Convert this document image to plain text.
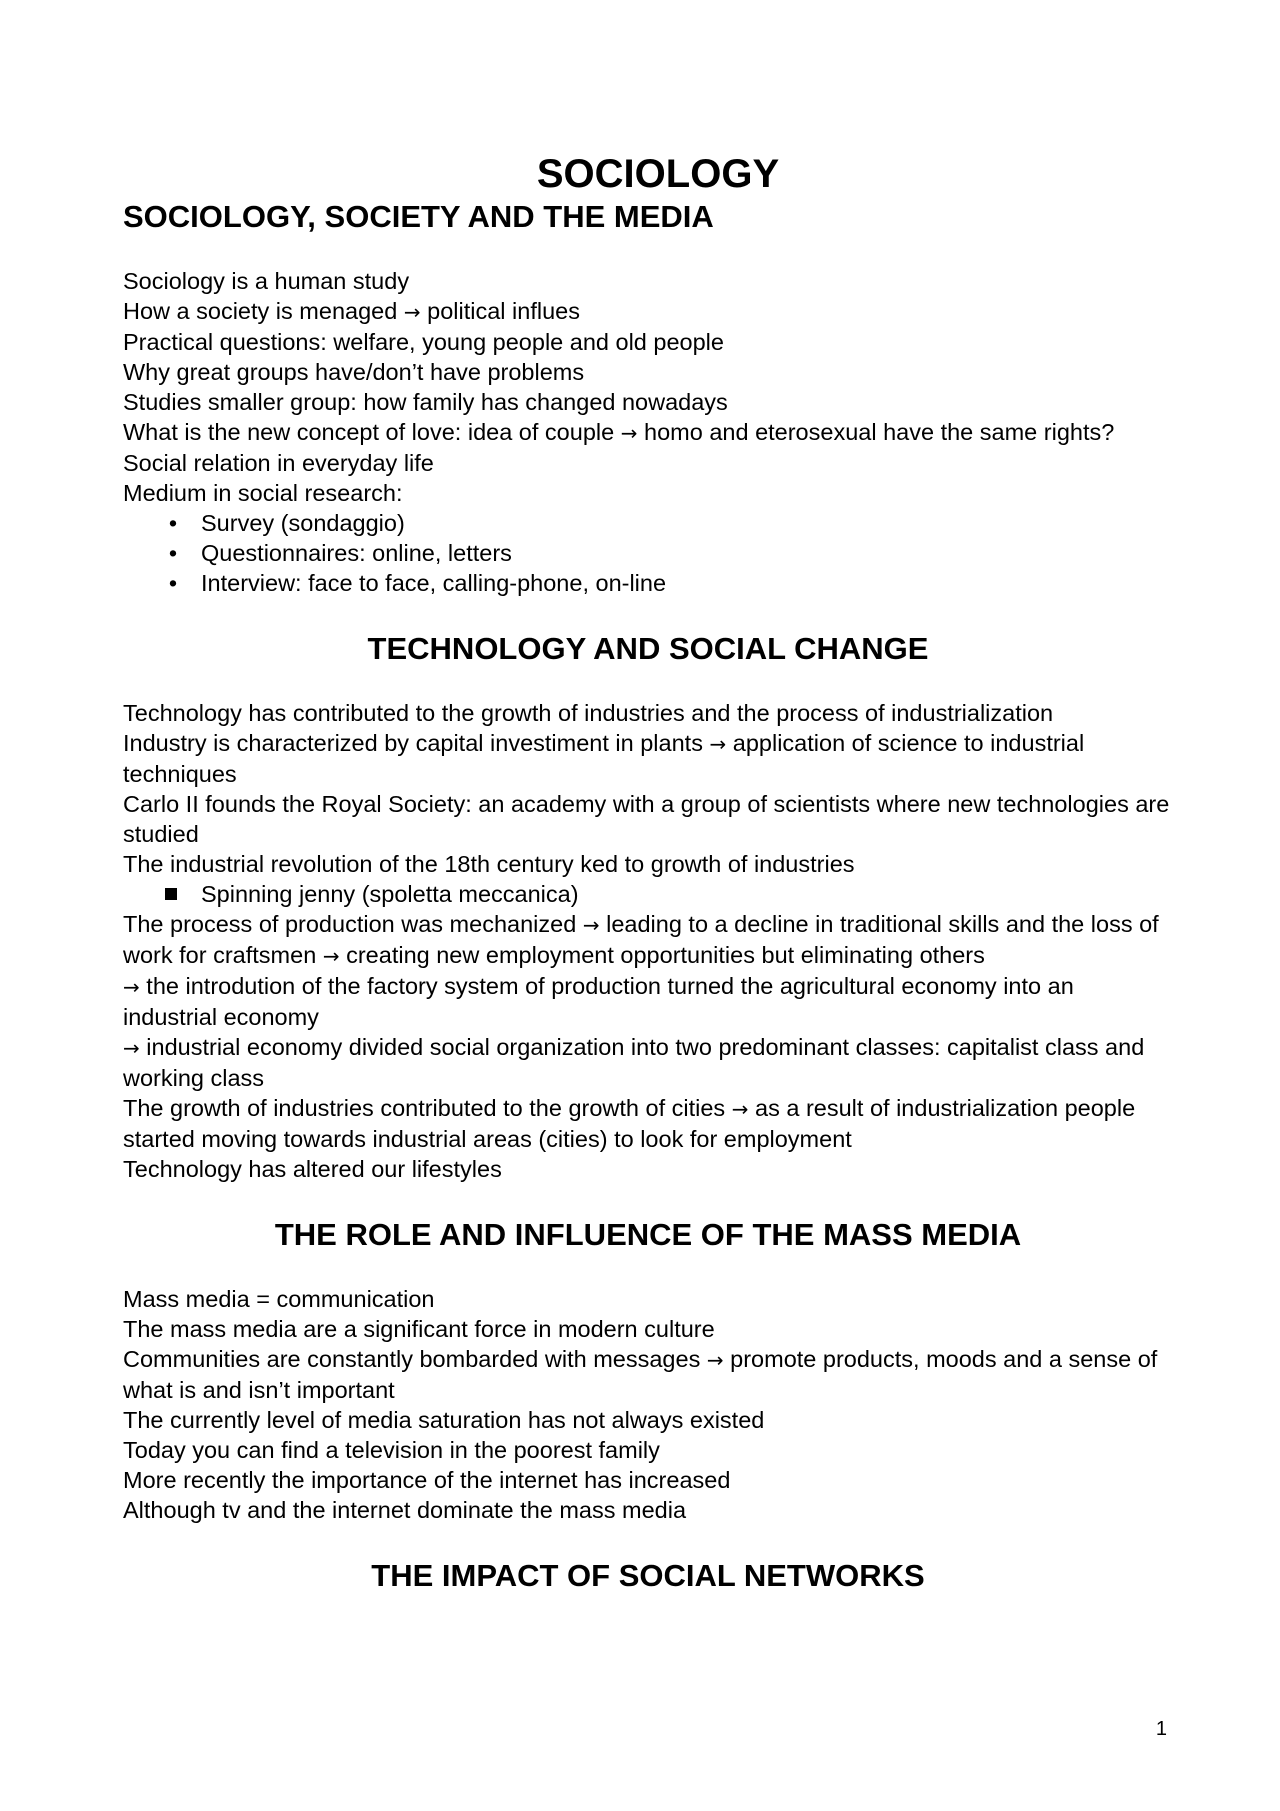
SOCIOLOGY
SOCIOLOGY, SOCIETY AND THE MEDIA
Sociology is a human study
How a society is menaged → political influes
Practical questions: welfare, young people and old people
Why great groups have/don’t have problems
Studies smaller group: how family has changed nowadays
What is the new concept of love: idea of couple → homo and eterosexual have the same rights?
Social relation in everyday life
Medium in social research:
•	Survey (sondaggio)
•	Questionnaires: online, letters
•	Interview: face to face, calling-phone, on-line
TECHNOLOGY AND SOCIAL CHANGE
Technology has contributed to the growth of industries and the process of industrialization
Industry is characterized by capital investiment in plants → application of science to industrial techniques
Carlo II founds the Royal Society: an academy with a group of scientists where new technologies are studied
The industrial revolution of the 18th century ked to growth of industries
Spinning jenny (spoletta meccanica)
The process of production was mechanized → leading to a decline in traditional skills and the loss of work for craftsmen → creating new employment opportunities but eliminating others
→ the introdution of the factory system of production turned the agricultural economy into an industrial economy
→ industrial economy divided social organization into two predominant classes: capitalist class and working class
The growth of industries contributed to the growth of cities → as a result of industrialization people started moving towards industrial areas (cities) to look for employment
Technology has altered our lifestyles
THE ROLE AND INFLUENCE OF THE MASS MEDIA
Mass media = communication
The mass media are a significant force in modern culture
Communities are constantly bombarded with messages → promote products, moods and a sense of what is and isn’t important
The currently level of media saturation has not always existed
Today you can find a television in the poorest family
More recently the importance of the internet has increased
Although tv and the internet dominate the mass media
THE IMPACT OF SOCIAL NETWORKS
1
